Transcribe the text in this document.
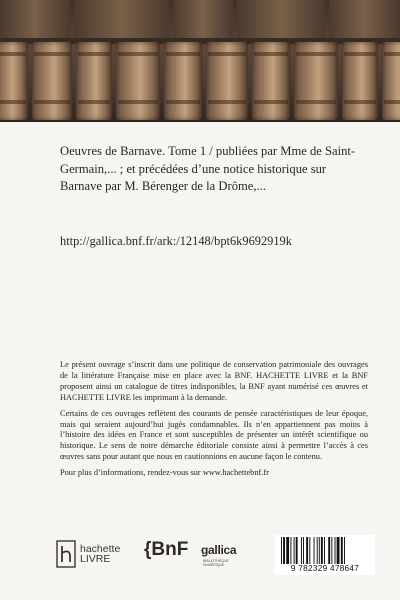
Oeuvres de Barnave. Tome 1 / publiées par Mme de Saint-Germain,... ; et précédées d’une notice historique sur Barnave par M. Bérenger de la Drôme,...
http://gallica.bnf.fr/ark:/12148/bpt6k9692919k

Le présent ouvrage s’inscrit dans une politique de conservation patrimoniale des ouvrages de la littérature Française mise en place avec la BNF. HACHETTE LIVRE et la BNF proposent ainsi un catalogue de titres indisponibles, la BNF ayant numérisé ces œuvres et HACHETTE LIVRE les imprimant à la demande.

Certains de ces ouvrages reflètent des courants de pensée caractéristiques de leur époque, mais qui seraient aujourd’hui jugés condamnables. Ils n’en appartiennent pas moins à l’histoire des idées en France et sont susceptibles de présenter un intérêt scientifique ou historique. Le sens de notre démarche éditoriale consiste ainsi à permettre l’accès à ces œuvres sans pour autant que nous en cautionnions en aucune façon le contenu.

Pour plus d’informations, rendez-vous sur www.hachettebnf.fr

hachette
LIVRE	{BnF gallica
BIBLIOTHÈQUE NUMÉRIQUE	9 782329 478647
